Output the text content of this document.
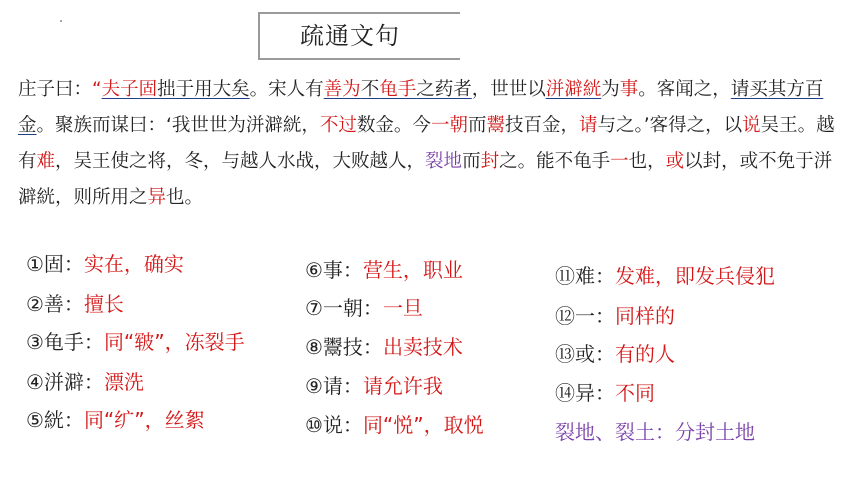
疏通文句
庄子曰：“夫子固拙于用大矣。宋人有善为不龟手之药者，世世以洴澼絖为事。客闻之，请买其方百金。聚族而谋曰：‘我世世为洴澼絖，不过数金。今一朝而鬻技百金，请与之。’客得之，以说吴王。越有难，吴王使之将，冬，与越人水战，大败越人，裂地而封之。能不龟手一也，或以封，或不免于洴澼絖，则所用之异也。
①固：实在，确实
②善：擅长
③龟手：同“皲”，冻裂手
④洴澼：漂洗
⑤絖：同“纩”，丝絮
⑥事：营生，职业
⑦一朝：一旦
⑧鬻技：出卖技术
⑨请：请允许我
⑩说：同“悦”，取悦
⑪难：发难，即发兵侵犯
⑫一：同样的
⑬或：有的人
⑭异：不同
裂地、裂土：分封土地
